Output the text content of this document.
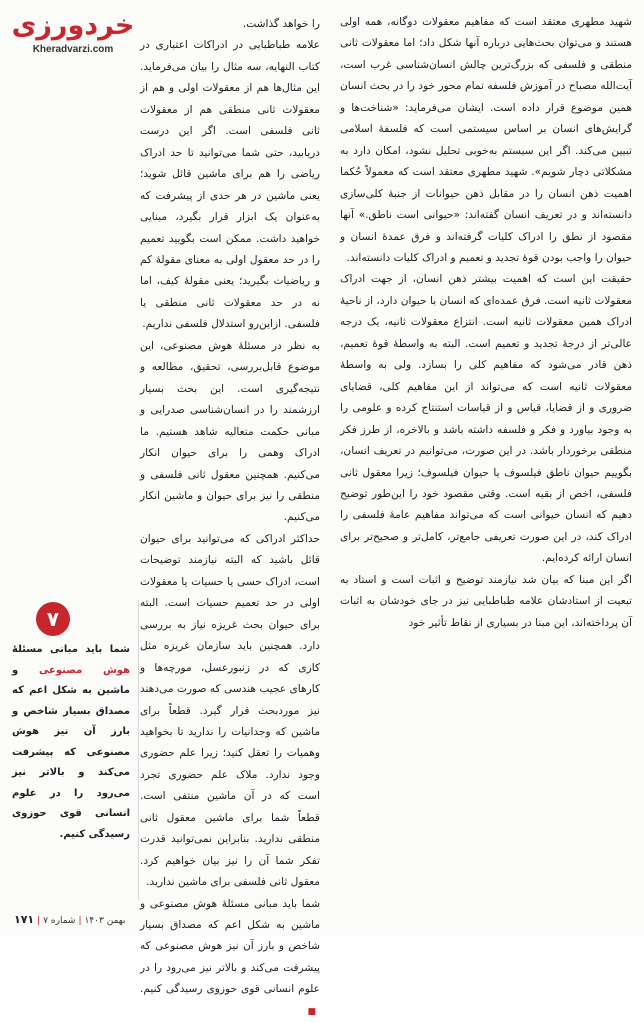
خردورزی
Kheradvarzi.com

شهید مطهری معتقد است که مفاهیم معقولات دوگانه، همه اولی هستند و می‌توان بحث‌هایی درباره آنها شکل داد؛ اما معقولات ثانی منطقی و فلسفی که بزرگ‌ترین چالش انسان‌شناسی غرب است، آیت‌الله مصباح در آموزش فلسفه تمام محور خود را در بحث انسان همین موضوع قرار داده است. ایشان می‌فرماید: «شناخت‌ها و گرایش‌های انسان بر اساس سیستمی است که فلسفهٔ اسلامی تبیین می‌کند. اگر این سیستم به‌خوبی تحلیل نشود، امکان دارد به مشکلاتی دچار شویم». شهید مطهری معتقد است که معمولاً حُکما اهمیت ذهن انسان را در مقابل ذهن حیوانات از جنبهٔ کلی‌سازی دانسته‌اند و در تعریف انسان گفته‌اند: «حیوانی است ناطق.» آنها مقصود از نطق را ادراک کلیات گرفته‌اند و فرق عمدهٔ انسان و حیوان را واجب بودن قوهٔ تجدید و تعمیم و ادراک کلیات دانسته‌اند.

حقیقت این است که اهمیت بیشتر ذهن انسان، از جهت ادراک معقولات ثانیه است. فرق عمده‌ای که انسان با حیوان دارد، از ناحیهٔ ادراک همین معقولات ثانیه است. انتزاع معقولات ثانیه، یک درجه عالی‌تر از درجهٔ تجدید و تعمیم است. البته به واسطهٔ قوهٔ تعمیم، ذهن قادر می‌شود که مفاهیم کلی را بسازد. ولی به واسطهٔ معقولات ثانیه است که می‌تواند از این مفاهیم کلی، قضایای ضروری و از قضایا، قیاس و از قیاسات استنتاج کرده و علومی را به وجود بیاورد و فکر و فلسفه داشته باشد و بالاخره، از طرز فکر منطقی برخوردار باشد. در این صورت، می‌توانیم در تعریف انسان، بگوییم حیوان ناطق فیلسوف یا حیوان فیلسوف؛ زیرا معقول ثانی فلسفی، اخص از بقیه است. وقتی مقصود خود را این‌طور توضیح دهیم که انسان حیوانی است که می‌تواند مفاهیم عامهٔ فلسفی را ادراک کند، در این صورت تعریفی جامع‌تر، کامل‌تر و صحیح‌تر برای انسان ارائه کرده‌ایم.

اگر این مبنا که بیان شد نیازمند توضیح و اثبات است و استاد به تبعیت از استادشان علامه طباطبایی نیز در جای خودشان به اثبات آن پرداخته‌اند، این مبنا در بسیاری از نقاط تأثیر خود

را خواهد گذاشت.

علامه طباطبایی در ادراکات اعتباری در کتاب النهایه، سه مثال را بیان می‌فرماید. این مثال‌ها هم از معقولات اولی و هم از معقولات ثانی منطقی هم از معقولات ثانی فلسفی است. اگر این درست دریابید، حتی شما می‌توانید تا حد ادراک ریاضی را هم برای ماشین قائل شوید؛ یعنی ماشین در هر حدی از پیشرفت که به‌عنوان یک ابزار قرار بگیرد، مبنایی خواهید داشت. ممکن است بگویید تعمیم را در حد معقول اولی به معنای مقولهٔ کم و ریاضیات بگیرید؛ یعنی مقولهٔ کیف، اما نه در حد معقولات ثانی منطقی یا فلسفی. ازاین‌رو استدلال فلسفی نداریم.

به نظر در مسئلهٔ هوش مصنوعی، این موضوع قابل‌بررسی، تحقیق، مطالعه و نتیجه‌گیری است. این بحث بسیار ارزشمند را در انسان‌شناسی صدرایی و مبانی حکمت متعالیه شاهد هستیم. ما ادراک وهمی را برای حیوان انکار می‌کنیم. همچنین معقول ثانی فلسفی و منطقی را نیز برای حیوان و ماشین انکار می‌کنیم.

حداکثر ادراکی که می‌توانید برای حیوان قائل باشید که البته نیازمند توضیحات است، ادراک حسی یا حسیات یا معقولات اولی در حد تعمیم حسیات است. البته برای حیوان بحث غریزه نیاز به بررسی دارد. همچنین باید سازمان غریزه مثل کاری که در زنبورعسل، مورچه‌ها و کارهای عجیب هندسی که صورت می‌دهند نیز موردبحث قرار گیرد. قطعاً برای ماشین که وجدانیات را ندارید تا بخواهید وهمیات را تعقل کنید؛ زیرا علم حضوری وجود ندارد. ملاک علم حضوری تجرد است که در آن ماشین منتفی است. قطعاً شما برای ماشین معقول ثانی منطقی ندارید. بنابراین نمی‌توانید قدرت تفکر شما آن را نیز بیان خواهیم کرد. معقول ثانی فلسفی برای ماشین ندارید.

شما باید مبانی مسئلهٔ هوش مصنوعی و ماشین به شکل اعم که مصداق بسیار شاخص و بارز آن نیز هوش مصنوعی که پیشرفت می‌کند و بالاتر نیز می‌رود را در علوم انسانی قوی حوزوی رسیدگی کنیم.■

۷
شما باید مبانی مسئلهٔ هوش مصنوعی و ماشین به شکل اعم که مصداق بسیار شاخص و بارز آن نیز هوش مصنوعی که پیشرفت می‌کند و بالاتر نیز می‌رود را در علوم انسانی قوی حوزوی رسیدگی کنیم.
بهمن ۱۴۰۳|شماره ۷|۱۷۱
